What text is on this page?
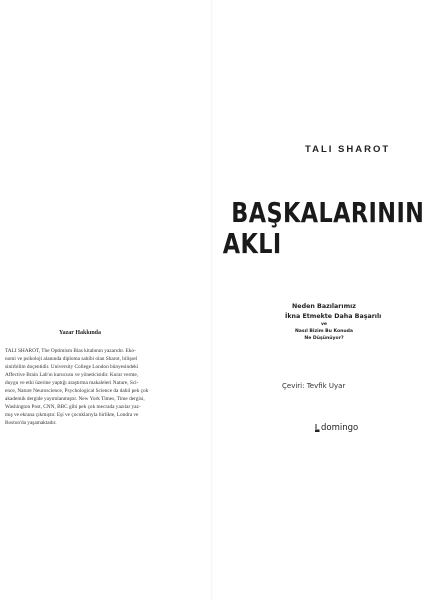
Yazar Hakkında
TALI SHAROT, The Optimism Bias kitabının yazarıdır. Eko-
nomi ve psikoloji alanında diploma sahibi olan Sharot, bilişsel
sinirbilim doçentidir. University College London bünyesindeki
Affective Brain Lab'ın kurucusu ve yöneticisidir. Kurar verme,
duygu ve etki üzerine yaptığı araştırma makaleleri Nature, Sci-
ence, Nature Neuroscience, Psychological Science da dahil pek çok
akademik dergide yayımlanmıştır. New York Times, Time dergisi,
Washington Post, CNN, BBC gibi pek çok mecrada yazılar yaz-
mış ve ekrana çıkmıştır. Eşi ve çocuklarıyla birlikte, Londra ve
Boston'da yaşamaktadır.
TALI SHAROT
BAŞKALARININ
AKLI
Neden Bazılarımız
İkna Etmekte Daha Başarılı
ve
Nasıl Bizim Bu Konuda
Ne Düşünüyor?
Çeviri: Tevfik Uyar
domingo
